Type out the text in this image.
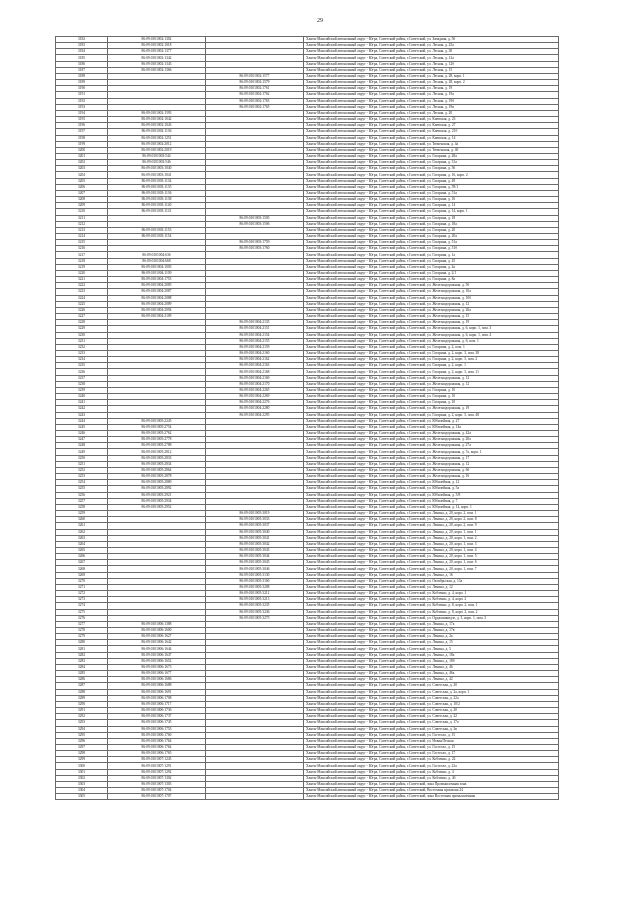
29
3182	86:09:0101002:1302		Ханты-Мансийский автономный округ - Югра, Советский район, г.Советский, ул. Западная, д. 5б
3183	86:09:0101002:1018		Ханты-Мансийский автономный округ - Югра, Советский район, г.Советский, ул. Лесная, д. 25а
3184	86:09:0101002:1377		Ханты-Мансийский автономный округ - Югра, Советский район, г.Советский, ул. Лесная, д. 30
3185	86:09:0101002:1342		Ханты-Мансийский автономный округ - Югра, Советский район, г.Советский, ул. Лесная, д. 12а
3186	86:09:0101002:1343		Ханты-Мансийский автономный округ - Югра, Советский район, г.Советский, ул. Лесная, д. 12б
3187	86:09:0101002:1366		Ханты-Мансийский автономный округ - Югра, Советский район, г.Советский, ул. Лесная, д. 15
3188		86:09:0101002:1577	Ханты-Мансийский автономный округ - Югра, Советский район, г.Советский, ул. Лесная, д. 28, корп. 1
3189		86:09:0101002:1579	Ханты-Мансийский автономный округ - Югра, Советский район, г.Советский, ул. Лесная, д. 28, корп. 2
3190		86:09:0101002:1761	Ханты-Мансийский автономный округ - Югра, Советский район, г.Советский, ул. Лесная, д. 19
3191		86:09:0101002:1762	Ханты-Мансийский автономный округ - Югра, Советский район, г.Советский, ул. Лесная, д. 19а
3192		86:09:0101002:1763	Ханты-Мансийский автономный округ - Югра, Советский район, г.Советский, ул. Лесная, д. 19б
3193		86:09:0101002:1765	Ханты-Мансийский автономный округ - Югра, Советский район, г.Советский, ул. Лесная, д. 19в
3194	86:09:0101002:1593		Ханты-Мансийский автономный округ - Югра, Советский район, г.Советский, ул. Лесная, д. 20
3195	86:09:0101002:1042		Ханты-Мансийский автономный округ - Югра, Советский район, г.Советский, ул. Киевская, д. 23
3196	86:09:0101002:1043		Ханты-Мансийский автономный округ - Югра, Советский район, г.Советский, ул. Киевская, д. 27
3197	86:09:0101002:1136		Ханты-Мансийский автономный округ - Югра, Советский район, г.Советский, ул. Киевская, д. 21б
3198	86:09:0101002:1251		Ханты-Мансийский автономный округ - Югра, Советский район, г.Советский, ул. Киевская, д. 14
3199	86:09:0101002:2012		Ханты-Мансийский автономный округ - Югра, Советский район, г.Советский, ул. Тюменская, д. 4а
3200	86:09:0101002:2019		Ханты-Мансийский автономный округ - Югра, Советский район, г.Советский, ул. Тюменская, д. 4б
3201	86:09:0101003:544		Ханты-Мансийский автономный округ - Югра, Советский район, г.Советский, ул. Гагарина, д. 28а
3202	86:09:0101003:546		Ханты-Мансийский автономный округ - Югра, Советский район, г.Советский, ул. Гагарина, д. 31а
3203	86:09:0101003:1040		Ханты-Мансийский автономный округ - Югра, Советский район, г.Советский, ул. Гагарина, д. 56
3204	86:09:0101003:1041		Ханты-Мансийский автономный округ - Югра, Советский район, г.Советский, ул. Гагарина, д. 16, корп. 2
3205	86:09:0101003:1134		Ханты-Мансийский автономный округ - Югра, Советский район, г.Советский, ул. Гагарина, д. 49
3206	86:09:0101003:1135		Ханты-Мансийский автономный округ - Югра, Советский район, г.Советский, ул. Гагарина, д. 59/1
3207	86:09:0101003:1136		Ханты-Мансийский автономный округ - Югра, Советский район, г.Советский, ул. Гагарина, д. 51а
3208	86:09:0101003:1138		Ханты-Мансийский автономный округ - Югра, Советский район, г.Советский, ул. Гагарина, д. 16
3209	86:09:0101003:1140		Ханты-Мансийский автономный округ - Югра, Советский район, г.Советский, ул. Гагарина, д. 14
3210	86:09:0101003:1141		Ханты-Мансийский автономный округ - Югра, Советский район, г.Советский, ул. Гагарина, д. 14, корп. 1
3211		86:09:0101003:1505	Ханты-Мансийский автономный округ - Югра, Советский район, г.Советский, ул. Гагарина, д. 18
3212		86:09:0101003:1506	Ханты-Мансийский автономный округ - Югра, Советский район, г.Советский, ул. Гагарина, д. 18а
3213	86:09:0101003:1153		Ханты-Мансийский автономный округ - Югра, Советский район, г.Советский, ул. Гагарина, д. 20
3214	86:09:0101003:1154		Ханты-Мансийский автономный округ - Югра, Советский район, г.Советский, ул. Гагарина, д. 20а
3215		86:09:0101003:1759	Ханты-Мансийский автономный округ - Югра, Советский район, г.Советский, ул. Гагарина, д. 51а
3216		86:09:0101003:1760	Ханты-Мансийский автономный округ - Югра, Советский район, г.Советский, ул. Гагарина, д. 51б
3217	86:09:0101004:636		Ханты-Мансийский автономный округ - Югра, Советский район, г.Советский, ул. Гагарина, д. 1а
3218	86:09:0101004:668		Ханты-Мансийский автономный округ - Югра, Советский район, г.Советский, ул. Гагарина, д. 45
3219	86:09:0101004:1003		Ханты-Мансийский автономный округ - Югра, Советский район, г.Советский, ул. Гагарина, д. 4а
3220	86:09:0101004:1109		Ханты-Мансийский автономный округ - Югра, Советский район, г.Советский, ул. Гагарина, д. 2/1
3221	86:09:0101004:1753		Ханты-Мансийский автономный округ - Югра, Советский район, г.Советский, ул. Гагарина, д. 8а
3222	86:09:0101004:2085		Ханты-Мансийский автономный округ - Югра, Советский район, г.Советский, ул. Железнодорожная, д. 5б
3223	86:09:0101004:2087		Ханты-Мансийский автономный округ - Югра, Советский район, г.Советский, ул. Железнодорожная, д. 10а
3224	86:09:0101004:2088		Ханты-Мансийский автономный округ - Югра, Советский район, г.Советский, ул. Железнодорожная, д. 10б
3225	86:09:0101004:2089		Ханты-Мансийский автономный округ - Югра, Советский район, г.Советский, ул. Железнодорожная, д. 12
3226	86:09:0101004:2094		Ханты-Мансийский автономный округ - Югра, Советский район, г.Советский, ул. Железнодорожная, д. 26а
3227	86:09:0101004:2109		Ханты-Мансийский автономный округ - Югра, Советский район, г.Советский, ул. Железнодорожная, д. 15
3228		86:09:0101004:2135	Ханты-Мансийский автономный округ - Югра, Советский район, г.Советский, ул. Железнодорожная, д. 19
3229		86:09:0101004:2151	Ханты-Мансийский автономный округ - Югра, Советский район, г.Советский, ул. Железнодорожная, д. 6, корп. 1, пом. 3
3230		86:09:0101004:2154	Ханты-Мансийский автономный округ - Югра, Советский район, г.Советский, ул. Железнодорожная, д. 6, корп. 1, пом. 4
3231		86:09:0101004:2155	Ханты-Мансийский автономный округ - Югра, Советский район, г.Советский, ул. Железнодорожная, д. 6, пом. 1
3232		86:09:0101004:2159	Ханты-Мансийский автономный округ - Югра, Советский район, г.Советский, ул. Гагарина, д. 2, пом. 1
3233		86:09:0101004:2160	Ханты-Мансийский автономный округ - Югра, Советский район, г.Советский, ул. Гагарина, д. 2, корп. 3, пом. 38
3234		86:09:0101004:2162	Ханты-Мансийский автономный округ - Югра, Советский район, г.Советский, ул. Гагарина, д. 2, корп. 3, пом. 2
3235		86:09:0101004:2163	Ханты-Мансийский автономный округ - Югра, Советский район, г.Советский, ул. Гагарина, д. 2, корп. 1
3236		86:09:0101004:2168	Ханты-Мансийский автономный округ - Югра, Советский район, г.Советский, ул. Гагарина, д. 2, корп. 3, пом. 11
3237		86:09:0101004:2169	Ханты-Мансийский автономный округ - Югра, Советский район, г.Советский, ул. Железнодорожная, д. 12
3238		86:09:0101004:2170	Ханты-Мансийский автономный округ - Югра, Советский район, г.Советский, ул. Железнодорожная, д. 12
3239		86:09:0101004:2265	Ханты-Мансийский автономный округ - Югра, Советский район, г.Советский, ул. Гагарина, д. 10
3240		86:09:0101004:2269	Ханты-Мансийский автономный округ - Югра, Советский район, г.Советский, ул. Гагарина, д. 10
3241		86:09:0101004:2276	Ханты-Мансийский автономный округ - Югра, Советский район, г.Советский, ул. Гагарина, д. 10
3242		86:09:0101004:2280	Ханты-Мансийский автономный округ - Югра, Советский район, г.Советский, ул. Железнодорожная, д. 19
3243		86:09:0101004:2295	Ханты-Мансийский автономный округ - Югра, Советский район, г.Советский, ул. Гагарина, д. 2, корп. 3, пом. 48
3244	86:09:0101005:2245		Ханты-Мансийский автономный округ - Югра, Советский район, г.Советский, ул. Юбилейная, д. 27
3245	86:09:0101005:2754		Ханты-Мансийский автономный округ - Югра, Советский район, г.Советский, ул. Юбилейная, д. 14а
3246	86:09:0101005:2762		Ханты-Мансийский автономный округ - Югра, Советский район, г.Советский, ул. Железнодорожная, д. 42а
3247	86:09:0101005:2778		Ханты-Мансийский автономный округ - Югра, Советский район, г.Советский, ул. Железнодорожная, д. 20а
3248	86:09:0101005:2788		Ханты-Мансийский автономный округ - Югра, Советский район, г.Советский, ул. Железнодорожная, д. 27а
3249	86:09:0101005:2812		Ханты-Мансийский автономный округ - Югра, Советский район, г.Советский, ул. Железнодорожная, д. 7а, корп. 1
3250	86:09:0101005:2833		Ханты-Мансийский автономный округ - Югра, Советский район, г.Советский, ул. Железнодорожная, д. 17
3251	86:09:0101005:2834		Ханты-Мансийский автономный округ - Югра, Советский район, г.Советский, ул. Железнодорожная, д. 12
3252	86:09:0101005:2864		Ханты-Мансийский автономный округ - Югра, Советский район, г.Советский, ул. Железнодорожная, д. 6б
3253	86:09:0101005:2878		Ханты-Мансийский автономный округ - Югра, Советский район, г.Советский, ул. Железнодорожная, д. 16
3254	86:09:0101005:2880		Ханты-Мансийский автономный округ - Югра, Советский район, г.Советский, ул. Юбилейная, д. 12
3255	86:09:0101005:2892		Ханты-Мансийский автономный округ - Югра, Советский район, г.Советский, ул. Юбилейная, д. 5а
3256	86:09:0101005:2921		Ханты-Мансийский автономный округ - Югра, Советский район, г.Советский, ул. Юбилейная, д. 5/8
3257	86:09:0101005:2934		Ханты-Мансийский автономный округ - Югра, Советский район, г.Советский, ул. Юбилейная, д. 7
3258	86:09:0101005:2952		Ханты-Мансийский автономный округ - Югра, Советский район, г.Советский, ул. Юбилейная, д. 12, корп. 1
3259		86:09:0101005:3019	Ханты-Мансийский автономный округ - Югра, Советский район, г.Советский, ул. Ленина, д. 20, корп. 2, пом. 1
3260		86:09:0101005:3033	Ханты-Мансийский автономный округ - Югра, Советский район, г.Советский, ул. Ленина, д. 20, корп. 2, пом. 8
3261		86:09:0101005:3037	Ханты-Мансийский автономный округ - Югра, Советский район, г.Советский, ул. Ленина, д. 20, корп. 2, пом. 9
3262		86:09:0101005:3040	Ханты-Мансийский автономный округ - Югра, Советский район, г.Советский, ул. Ленина, д. 20, корп. 1, пом. 1
3263		86:09:0101005:3041	Ханты-Мансийский автономный округ - Югра, Советский район, г.Советский, ул. Ленина, д. 20, корп. 1, пом. 2
3264		86:09:0101005:3042	Ханты-Мансийский автономный округ - Югра, Советский район, г.Советский, ул. Ленина, д. 20, корп. 1, пом. 3
3265		86:09:0101005:3043	Ханты-Мансийский автономный округ - Югра, Советский район, г.Советский, ул. Ленина, д. 20, корп. 1, пом. 4
3266		86:09:0101005:3044	Ханты-Мансийский автономный округ - Югра, Советский район, г.Советский, ул. Ленина, д. 20, корп. 1, пом. 5
3267		86:09:0101005:3045	Ханты-Мансийский автономный округ - Югра, Советский район, г.Советский, ул. Ленина, д. 20, корп. 1, пом. 6
3268		86:09:0101005:3046	Ханты-Мансийский автономный округ - Югра, Советский район, г.Советский, ул. Ленина, д. 20, корп. 1, пом. 7
3269		86:09:0101005:3130	Ханты-Мансийский автономный округ - Югра, Советский район, г.Советский, ул. Ленина, д. 16
3270		86:09:0101005:3160	Ханты-Мансийский автономный округ - Югра, Советский район, г.Советский, ул. Октябрьская, д. 13а
3271		86:09:0101005:3208	Ханты-Мансийский автономный округ - Югра, Советский район, г.Советский, ул. Ленина, д. 12
3272		86:09:0101005:3212	Ханты-Мансийский автономный округ - Югра, Советский район, г.Советский, ул. Кобзенко, д. 4, корп. 1
3273		86:09:0101005:3213	Ханты-Мансийский автономный округ - Югра, Советский район, г.Советский, ул. Кобзенко, д. 4, корп. 2
3274		86:09:0101005:3235	Ханты-Мансийский автономный округ - Югра, Советский район, г.Советский, ул. Кобзенко, д. 8, корп. 2, пом. 1
3275		86:09:0101005:3236	Ханты-Мансийский автономный округ - Югра, Советский район, г.Советский, ул. Кобзенко, д. 8, корп. 2, пом. 2
3276		86:09:0101005:3275	Ханты-Мансийский автономный округ - Югра, Советский район, г.Советский, ул. Орджоникидзе, д. 3, корп. 1, пом. 3
3277	86:09:0101006:1388		Ханты-Мансийский автономный округ - Югра, Советский район, г.Советский, ул. Ленина, д. 17а
3278	86:09:0101006:1600		Ханты-Мансийский автономный округ - Югра, Советский район, г.Советский, ул. Ленина, д. 17в
3279	86:09:0101006:1627		Ханты-Мансийский автономный округ - Югра, Советский район, г.Советский, ул. Ленина, д. 2а
3280	86:09:0101006:1642		Ханты-Мансийский автономный округ - Югра, Советский район, г.Советский, ул. Ленина, д. 15
3281	86:09:0101006:1644		Ханты-Мансийский автономный округ - Югра, Советский район, г.Советский, ул. Ленина, д. 5
3282	86:09:0101006:1647		Ханты-Мансийский автономный округ - Югра, Советский район, г.Советский, ул. Ленина, д. 18а
3283	86:09:0101006:1652		Ханты-Мансийский автономный округ - Югра, Советский район, г.Советский, ул. Ленина, д. 18б
3284	86:09:0101006:1673		Ханты-Мансийский автономный округ - Югра, Советский район, г.Советский, ул. Ленина, д. 46
3285	86:09:0101006:1677		Ханты-Мансийский автономный округ - Югра, Советский район, г.Советский, ул. Ленина, д. 46а
3286	86:09:0101006:1686		Ханты-Мансийский автономный округ - Югра, Советский район, г.Советский, ул. Ленина, д. 42
3287	86:09:0101006:1688		Ханты-Мансийский автономный округ - Югра, Советский район, г.Советский, ул. Советская, д. 20
3288	86:09:0101006:1691		Ханты-Мансийский автономный округ - Югра, Советский район, г.Советский, ул. Советская, д. 2а, корп. 1
3289	86:09:0101006:1708		Ханты-Мансийский автономный округ - Югра, Советский район, г.Советский, ул. Советская, д. 22а
3290	86:09:0101006:1717		Ханты-Мансийский автономный округ - Югра, Советский район, г.Советский, ул. Советская, д. 10/2
3291	86:09:0101006:1736		Ханты-Мансийский автономный округ - Югра, Советский район, г.Советский, ул. Советская, д. 20
3292	86:09:0101006:1737		Ханты-Мансийский автономный округ - Югра, Советский район, г.Советский, ул. Советская, д. 22
3293	86:09:0101006:1745		Ханты-Мансийский автономный округ - Югра, Советский район, г.Советский, ул. Советская, д. 17а
3294	86:09:0101006:1753		Ханты-Мансийский автономный округ - Югра, Советский район, г.Советский, ул. Советская, д. 2в
3295	86:09:0101006:1760		Ханты-Мансийский автономный округ - Югра, Советский район, г.Советский, ул. Гастелло, д. 15
3296	86:09:0101006:1764		Ханты-Мансийский автономный округ - Югра, Советский район, г.Советский, ул. Новая/Лесная
3297	86:09:0101006:1764		Ханты-Мансийский автономный округ - Югра, Советский район, г.Советский, ул. Гастелло, д. 15
3298	86:09:0101006:1765		Ханты-Мансийский автономный округ - Югра, Советский район, г.Советский, ул. Гастелло, д. 17
3299	86:09:0101007:1245		Ханты-Мансийский автономный округ - Югра, Советский район, г.Советский, ул. Кобзенко, д. 22
3300	86:09:0101007:1291		Ханты-Мансийский автономный округ - Югра, Советский район, г.Советский, ул. Гастелло, д. 22а
3301	86:09:0101007:1292		Ханты-Мансийский автономный округ - Югра, Советский район, г.Советский, ул. Кобзенко, д. 4
3302	86:09:0101007:1302		Ханты-Мансийский автономный округ - Югра, Советский район, г.Советский, ул. Кобзенко, д. 4б
3303	86:09:0101007:1303		Ханты-Мансийский автономный округ - Югра, Советский район, г.Советский, зона Промышленная зона
3304	86:09:0101007:1704		Ханты-Мансийский автономный округ - Югра, Советский район, г.Советский, Восточная промзона 24
3305	86:09:0101007:1707		Ханты-Мансийский автономный округ - Югра, Советский район, г.Советский, зона Восточная промышленная
